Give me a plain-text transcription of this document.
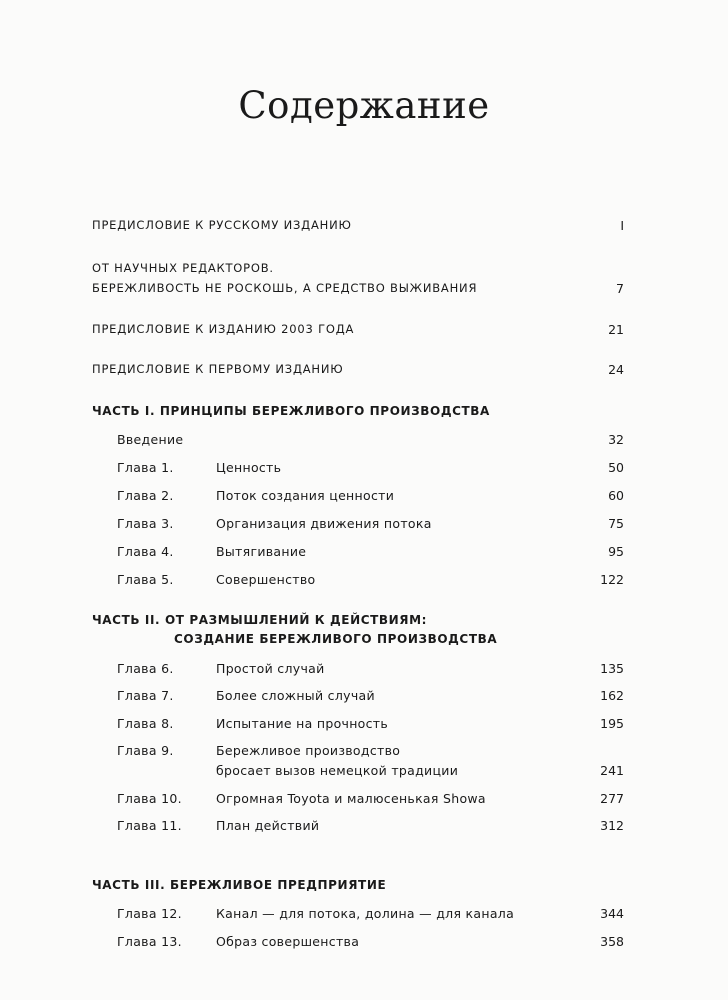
Содержание
ПРЕДИСЛОВИЕ К РУССКОМУ ИЗДАНИЮ	I
ОТ НАУЧНЫХ РЕДАКТОРОВ.
БЕРЕЖЛИВОСТЬ НЕ РОСКОШЬ, А СРЕДСТВО ВЫЖИВАНИЯ	7
ПРЕДИСЛОВИЕ К ИЗДАНИЮ 2003 ГОДА	21
ПРЕДИСЛОВИЕ К ПЕРВОМУ ИЗДАНИЮ	24
ЧАСТЬ I. ПРИНЦИПЫ БЕРЕЖЛИВОГО ПРОИЗВОДСТВА
Введение	32
Глава 1.	Ценность	50
Глава 2.	Поток создания ценности	60
Глава 3.	Организация движения потока	75
Глава 4.	Вытягивание	95
Глава 5.	Совершенство	122
ЧАСТЬ II. ОТ РАЗМЫШЛЕНИЙ К ДЕЙСТВИЯМ:
СОЗДАНИЕ БЕРЕЖЛИВОГО ПРОИЗВОДСТВА
Глава 6.	Простой случай	135
Глава 7.	Более сложный случай	162
Глава 8.	Испытание на прочность	195
Глава 9.	Бережливое производство
бросает вызов немецкой традиции	241
Глава 10.	Огромная Toyota и малюсенькая Showa	277
Глава 11.	План действий	312
ЧАСТЬ III. БЕРЕЖЛИВОЕ ПРЕДПРИЯТИЕ
Глава 12.	Канал — для потока, долина — для канала	344
Глава 13.	Образ совершенства	358
